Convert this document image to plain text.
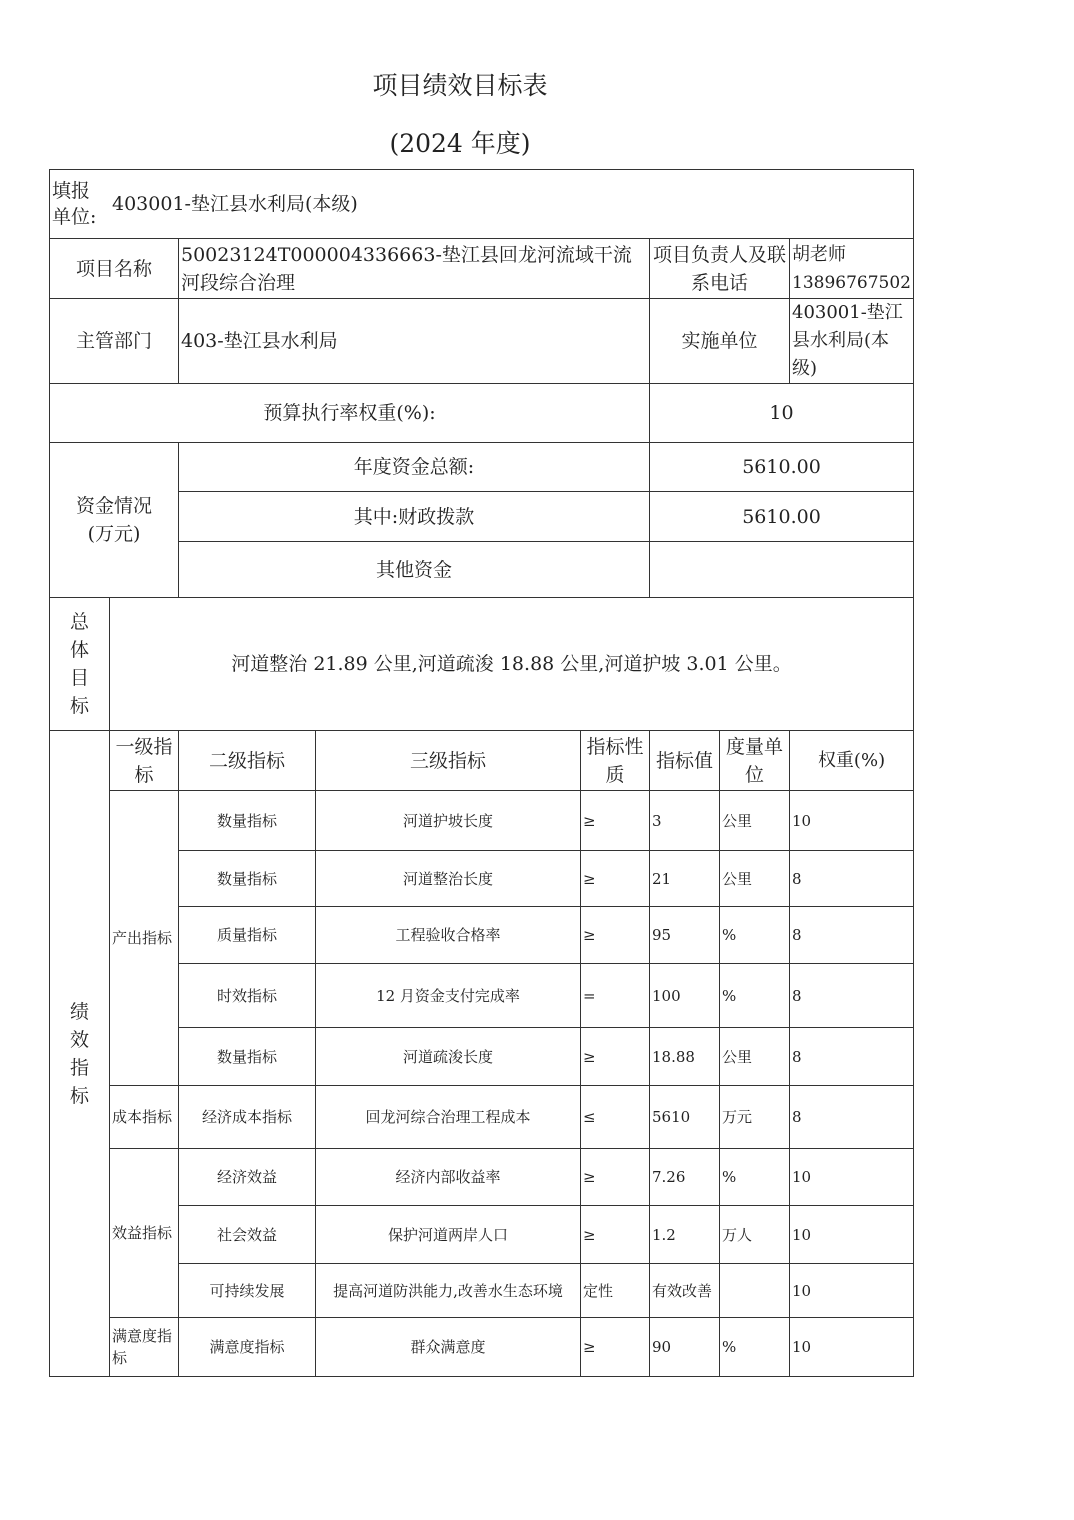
项目绩效目标表
(2024 年度)
填报单位:
403001-垫江县水利局(本级)							

项目名称		50023124T000004336663-垫江县回龙河流域干流河段综合治理			项目负责人及联系电话		胡老师
13896767502

主管部门		403-垫江县水利局			实施单位		403001-垫江县水利局(本级)
预算执行率权重(%):					10		

资金情况(万元)		年度资金总额:			5610.00		
		其中:财政拨款			5610.00		
		其他资金					

总体目标	河道整治 21.89 公里,河道疏浚 18.88 公里,河道护坡 3.01 公里。						

绩效指标	一级指标	二级指标	三级指标	指标性质	指标值	度量单位	权重(%)
	产出指标	数量指标	河道护坡长度	≥	3	公里	10
		数量指标	河道整治长度	≥	21	公里	8
		质量指标	工程验收合格率	≥	95	%	8
		时效指标	12 月资金支付完成率	=	100	%	8
		数量指标	河道疏浚长度	≥	18.88	公里	8
	成本指标	经济成本指标	回龙河综合治理工程成本	≤	5610	万元	8
	效益指标	经济效益	经济内部收益率	≥	7.26	%	10
		社会效益	保护河道两岸人口	≥	1.2	万人	10
		可持续发展	提高河道防洪能力,改善水生态环境	定性	有效改善		10
	满意度指标	满意度指标	群众满意度	≥	90	%	10
